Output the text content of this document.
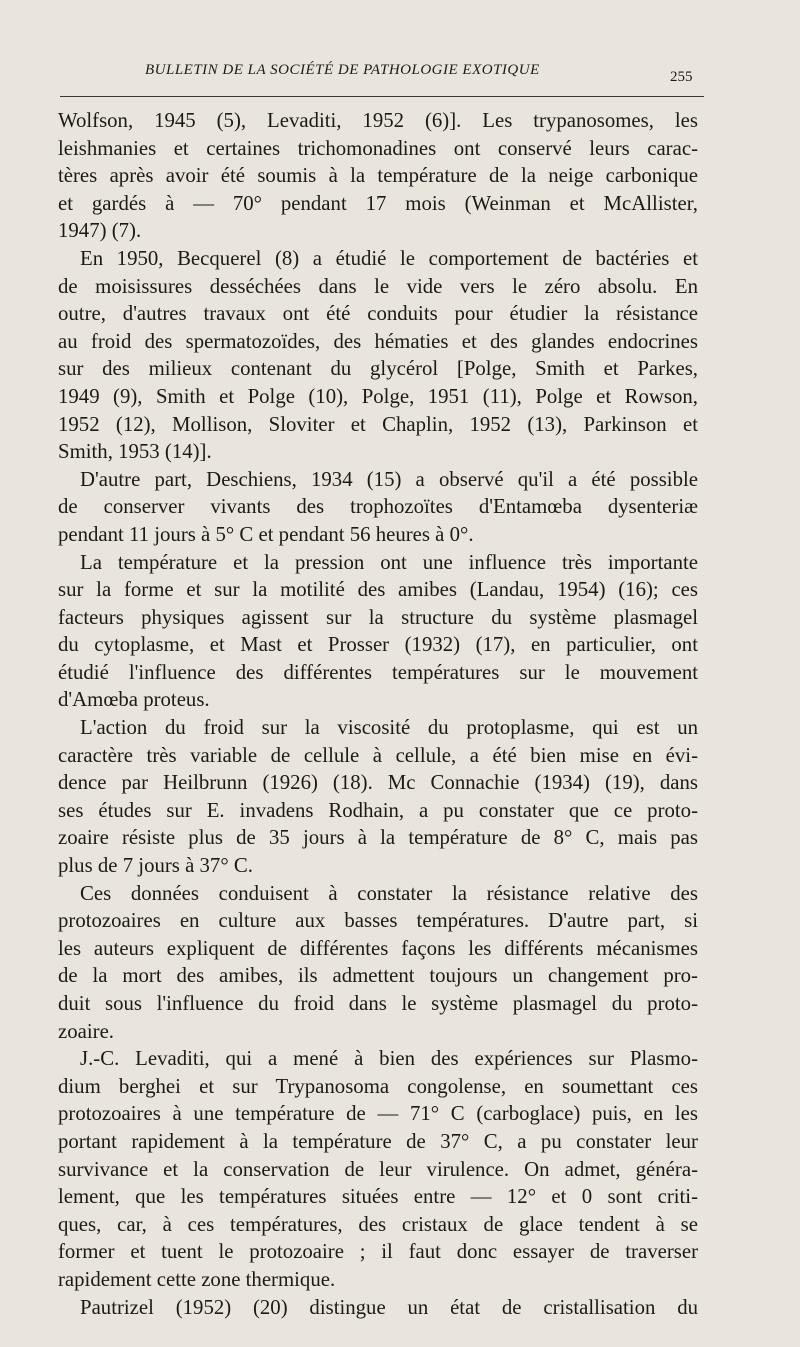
BULLETIN DE LA SOCIÉTÉ DE PATHOLOGIE EXOTIQUE	255
Wolfson, 1945 (5), Levaditi, 1952 (6)]. Les trypanosomes, les
leishmanies et certaines trichomonadines ont conservé leurs carac-
tères après avoir été soumis à la température de la neige carbonique
et gardés à — 70° pendant 17 mois (Weinman et McAllister,
1947) (7).
En 1950, Becquerel (8) a étudié le comportement de bactéries et
de moisissures desséchées dans le vide vers le zéro absolu. En
outre, d'autres travaux ont été conduits pour étudier la résistance
au froid des spermatozoïdes, des hématies et des glandes endocrines
sur des milieux contenant du glycérol [Polge, Smith et Parkes,
1949 (9), Smith et Polge (10), Polge, 1951 (11), Polge et Rowson,
1952 (12), Mollison, Sloviter et Chaplin, 1952 (13), Parkinson et
Smith, 1953 (14)].
D'autre part, Deschiens, 1934 (15) a observé qu'il a été possible
de conserver vivants des trophozoïtes d'Entamœba dysenteriæ
pendant 11 jours à 5° C et pendant 56 heures à 0°.
La température et la pression ont une influence très importante
sur la forme et sur la motilité des amibes (Landau, 1954) (16); ces
facteurs physiques agissent sur la structure du système plasmagel
du cytoplasme, et Mast et Prosser (1932) (17), en particulier, ont
étudié l'influence des différentes températures sur le mouvement
d'Amœba proteus.
L'action du froid sur la viscosité du protoplasme, qui est un
caractère très variable de cellule à cellule, a été bien mise en évi-
dence par Heilbrunn (1926) (18). Mc Connachie (1934) (19), dans
ses études sur E. invadens Rodhain, a pu constater que ce proto-
zoaire résiste plus de 35 jours à la température de 8° C, mais pas
plus de 7 jours à 37° C.
Ces données conduisent à constater la résistance relative des
protozoaires en culture aux basses températures. D'autre part, si
les auteurs expliquent de différentes façons les différents mécanismes
de la mort des amibes, ils admettent toujours un changement pro-
duit sous l'influence du froid dans le système plasmagel du proto-
zoaire.
J.-C. Levaditi, qui a mené à bien des expériences sur Plasmo-
dium berghei et sur Trypanosoma congolense, en soumettant ces
protozoaires à une température de — 71° C (carboglace) puis, en les
portant rapidement à la température de 37° C, a pu constater leur
survivance et la conservation de leur virulence. On admet, généra-
lement, que les températures situées entre — 12° et 0 sont criti-
ques, car, à ces températures, des cristaux de glace tendent à se
former et tuent le protozoaire ; il faut donc essayer de traverser
rapidement cette zone thermique.
Pautrizel (1952) (20) distingue un état de cristallisation du
